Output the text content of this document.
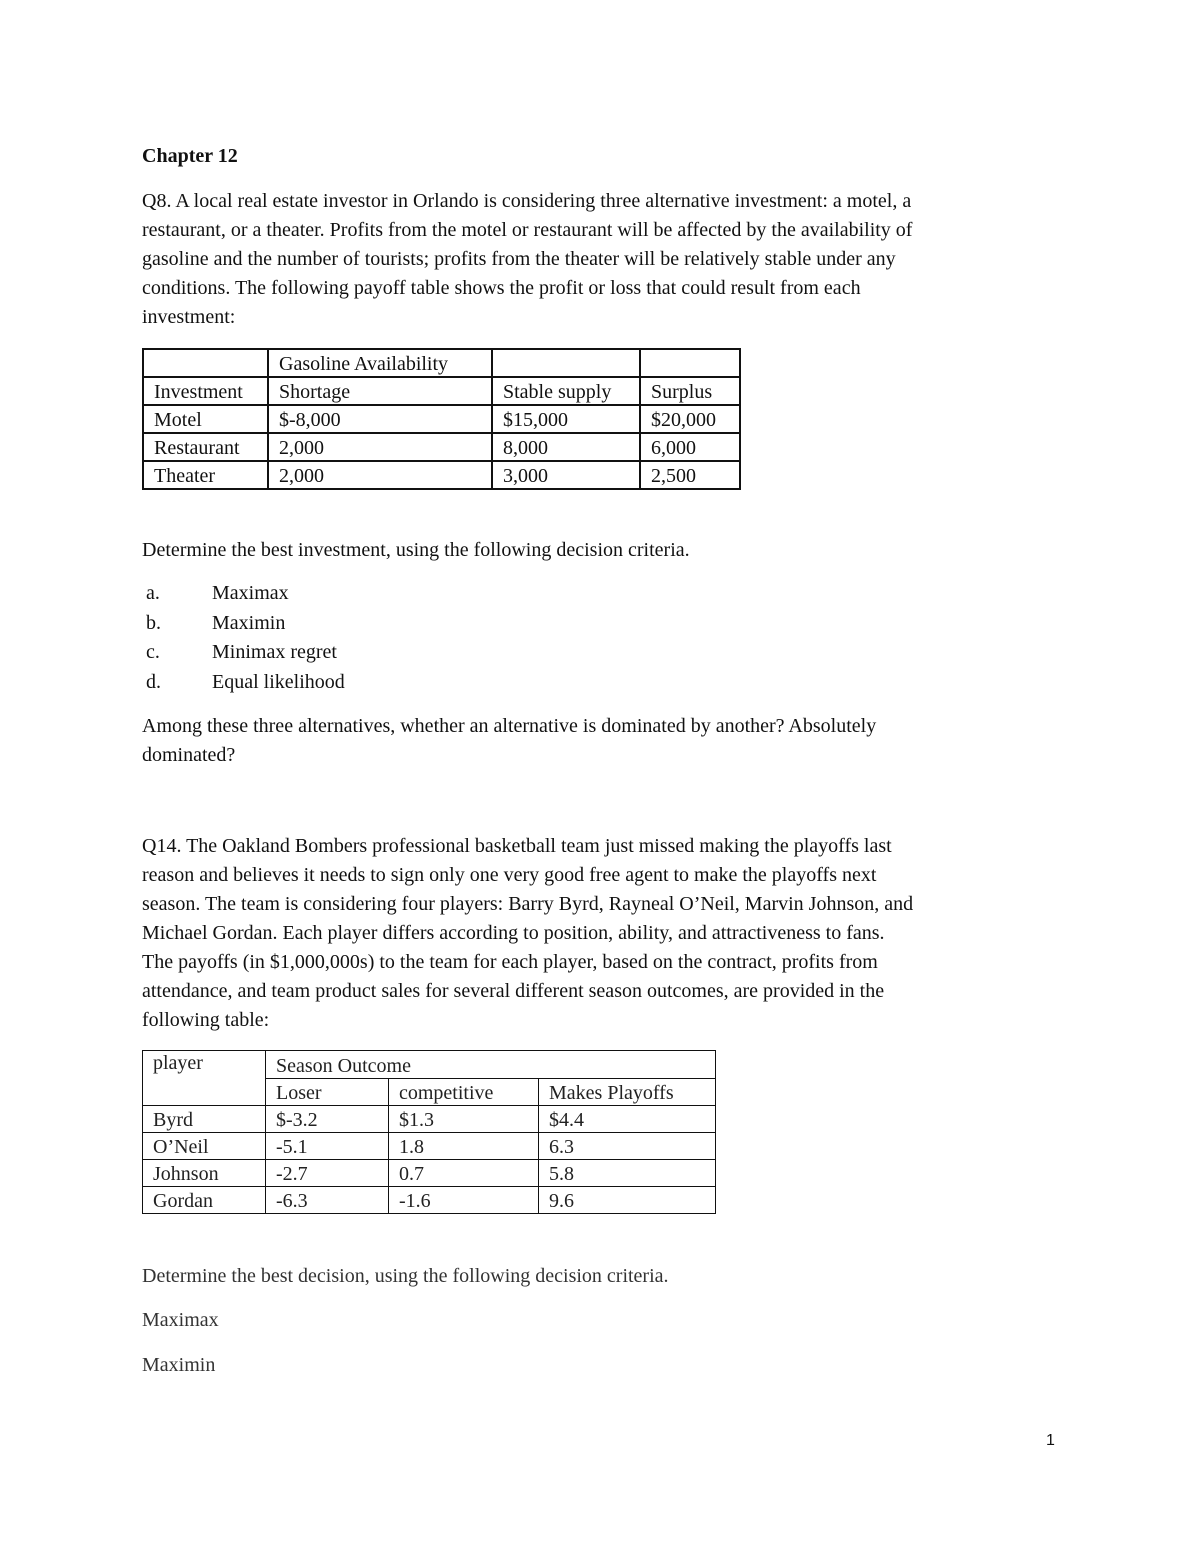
Chapter 12
Q8. A local real estate investor in Orlando is considering three alternative investment: a motel, a
restaurant, or a theater. Profits from the motel or restaurant will be affected by the availability of
gasoline and the number of tourists; profits from the theater will be relatively stable under any
conditions. The following payoff table shows the profit or loss that could result from each
investment:
	Gasoline Availability		
Investment	Shortage	Stable supply	Surplus
Motel	$-8,000	$15,000	$20,000
Restaurant	2,000	8,000	6,000
Theater	2,000	3,000	2,500
Determine the best investment, using the following decision criteria.
a.	Maximax
b.	Maximin
c.	Minimax regret
d.	Equal likelihood
Among these three alternatives, whether an alternative is dominated by another? Absolutely
dominated?
Q14. The Oakland Bombers professional basketball team just missed making the playoffs last
reason and believes it needs to sign only one very good free agent to make the playoffs next
season. The team is considering four players: Barry Byrd, Rayneal O’Neil, Marvin Johnson, and
Michael Gordan. Each player differs according to position, ability, and attractiveness to fans.
The payoffs (in $1,000,000s) to the team for each player, based on the contract, profits from
attendance, and team product sales for several different season outcomes, are provided in the
following table:
player	Season Outcome		
	Loser	competitive	Makes Playoffs
Byrd	$-3.2	$1.3	$4.4
O’Neil	-5.1	1.8	6.3
Johnson	-2.7	0.7	5.8
Gordan	-6.3	-1.6	9.6
Determine the best decision, using the following decision criteria.
Maximax
Maximin
1
